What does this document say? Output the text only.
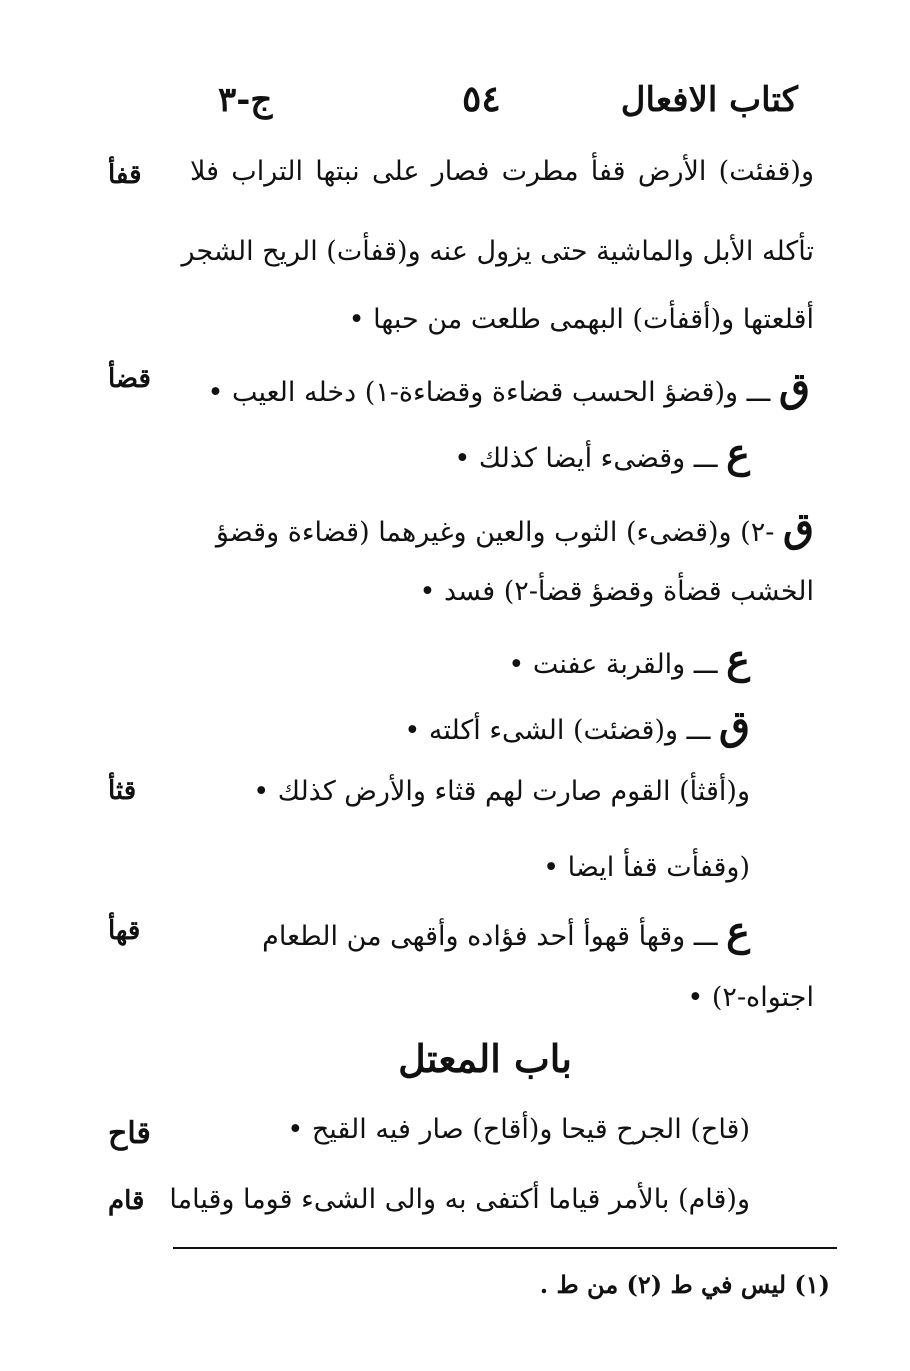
كتاب الافعال
٥٤
ج-٣
قفأ	و(قفئت) الأرض قفأ مطرت فصار على نبتها التراب فلا
تأكله الأبل والماشية حتى يزول عنه و(قفأت) الريح الشجر
أقلعتها و(أقفأت) البهمى طلعت من حبها •
قضأ	ق ـــ و(قضؤ الحسب قضاءة وقضاءة-١) دخله العيب •
ع ـــ وقضىء أيضا كذلك •
ق -٢) و(قضىء) الثوب والعين وغيرهما (قضاءة وقضؤ
الخشب قضأة وقضؤ قضأ-٢) فسد •
ع ـــ والقربة عفنت •
ق ـــ و(قضئت) الشىء أكلته •
قثأ	و(أقثأ) القوم صارت لهم قثاء والأرض كذلك •
(وقفأت قفأ ايضا •
قهأ	ع ـــ وقهأ قهوأ أحد فؤاده وأقهى من الطعام
اجتواه-٢) •
باب المعتل
قاح	(قاح) الجرح قيحا و(أقاح) صار فيه القيح •
قام و(قام) بالأمر قياما أكتفى به والى الشىء قوما وقياما
(١) ليس في ط (٢) من ط .
